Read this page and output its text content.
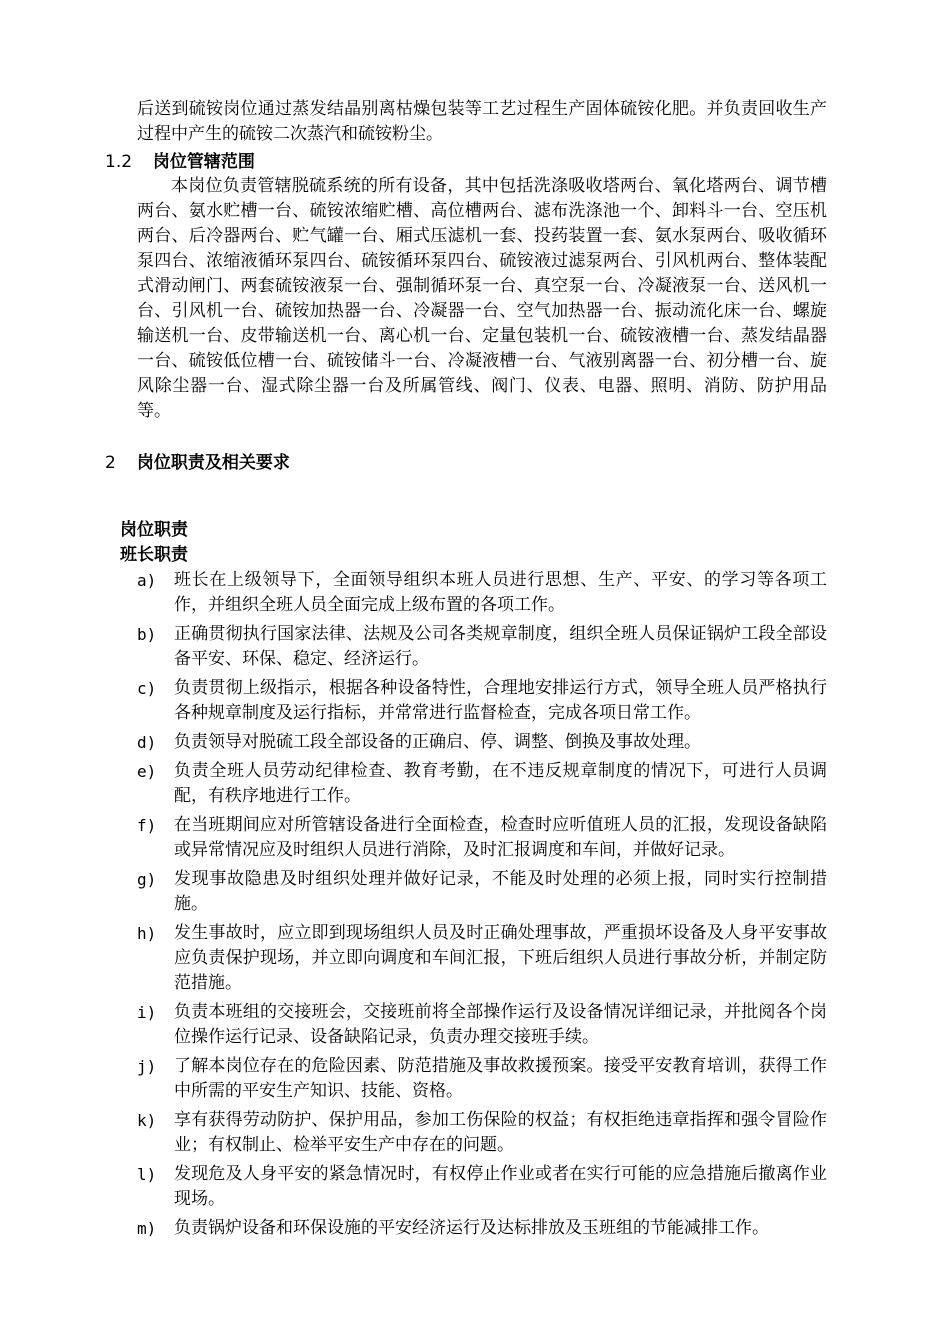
后送到硫铵岗位通过蒸发结晶别离枯燥包装等工艺过程生产固体硫铵化肥。并负责回收生产过程中产生的硫铵二次蒸汽和硫铵粉尘。

1.2 岗位管辖范围

本岗位负责管辖脱硫系统的所有设备，其中包括洗涤吸收塔两台、氧化塔两台、调节槽两台、氨水贮槽一台、硫铵浓缩贮槽、高位槽两台、滤布洗涤池一个、卸料斗一台、空压机两台、后冷器两台、贮气罐一台、厢式压滤机一套、投药装置一套、氨水泵两台、吸收循环泵四台、浓缩液循环泵四台、硫铵循环泵四台、硫铵液过滤泵两台、引风机两台、整体装配式滑动闸门、两套硫铵液泵一台、强制循环泵一台、真空泵一台、冷凝液泵一台、送风机一台、引风机一台、硫铵加热器一台、冷凝器一台、空气加热器一台、振动流化床一台、螺旋输送机一台、皮带输送机一台、离心机一台、定量包装机一台、硫铵液槽一台、蒸发结晶器一台、硫铵低位槽一台、硫铵储斗一台、冷凝液槽一台、气液别离器一台、初分槽一台、旋风除尘器一台、湿式除尘器一台及所属管线、阀门、仪表、电器、照明、消防、防护用品等。

2 岗位职责及相关要求
岗位职责
班长职责
a)	班长在上级领导下，全面领导组织本班人员进行思想、生产、平安、的学习等各项工作，并组织全班人员全面完成上级布置的各项工作。
b)	正确贯彻执行国家法律、法规及公司各类规章制度，组织全班人员保证锅炉工段全部设备平安、环保、稳定、经济运行。
c)	负责贯彻上级指示，根据各种设备特性，合理地安排运行方式，领导全班人员严格执行各种规章制度及运行指标，并常常进行监督检查，完成各项日常工作。
d)	负责领导对脱硫工段全部设备的正确启、停、调整、倒换及事故处理。
e)	负责全班人员劳动纪律检查、教育考勤，在不违反规章制度的情况下，可进行人员调配，有秩序地进行工作。
f)	在当班期间应对所管辖设备进行全面检查，检查时应听值班人员的汇报，发现设备缺陷或异常情况应及时组织人员进行消除，及时汇报调度和车间，并做好记录。
g)	发现事故隐患及时组织处理并做好记录，不能及时处理的必须上报，同时实行控制措施。
h)	发生事故时，应立即到现场组织人员及时正确处理事故，严重损坏设备及人身平安事故应负责保护现场，并立即向调度和车间汇报，下班后组织人员进行事故分析，并制定防范措施。
i)	负责本班组的交接班会，交接班前将全部操作运行及设备情况详细记录，并批阅各个岗位操作运行记录、设备缺陷记录，负责办理交接班手续。
j)	了解本岗位存在的危险因素、防范措施及事故救援预案。接受平安教育培训，获得工作中所需的平安生产知识、技能、资格。
k)	享有获得劳动防护、保护用品，参加工伤保险的权益；有权拒绝违章指挥和强令冒险作业；有权制止、检举平安生产中存在的问题。
l)	发现危及人身平安的紧急情况时，有权停止作业或者在实行可能的应急措施后撤离作业现场。
m)	负责锅炉设备和环保设施的平安经济运行及达标排放及玉班组的节能减排工作。
